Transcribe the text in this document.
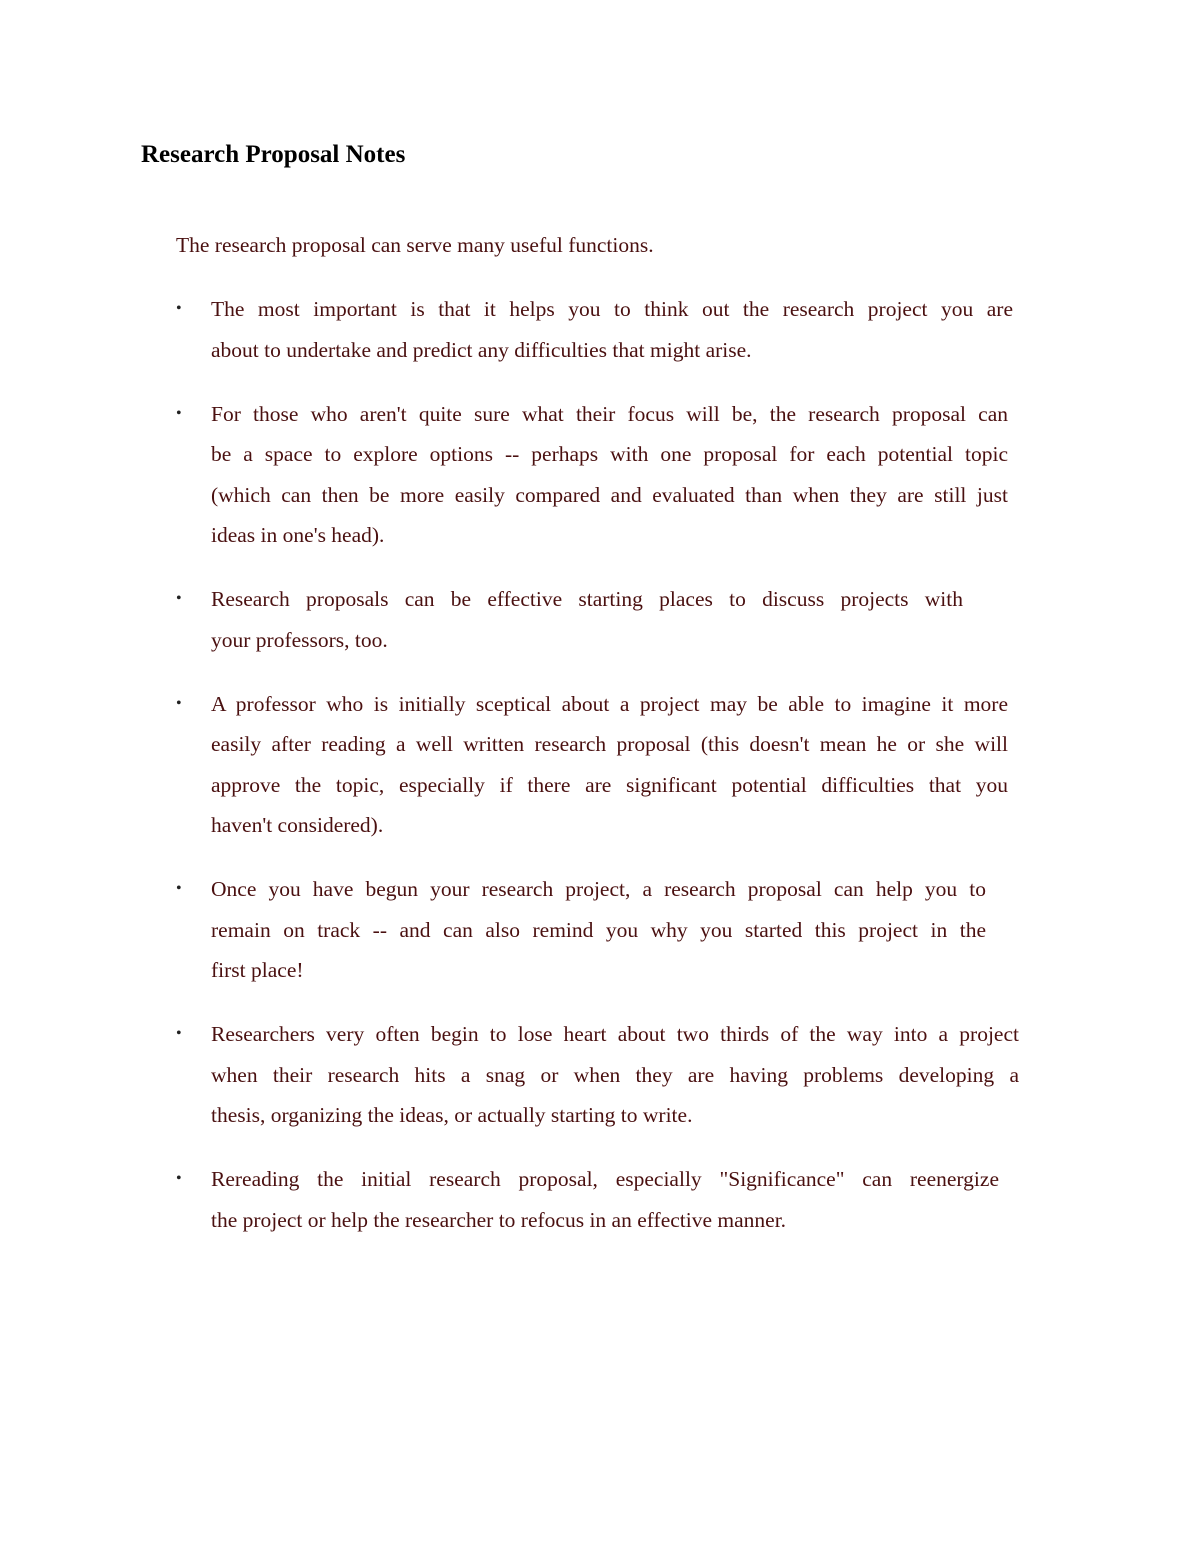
Research Proposal Notes
The research proposal can serve many useful functions.
• The most important is that it helps you to think out the research project you are
about to undertake and predict any difficulties that might arise.
• For those who aren't quite sure what their focus will be, the research proposal can
be a space to explore options -- perhaps with one proposal for each potential topic
(which can then be more easily compared and evaluated than when they are still just
ideas in one's head).
• Research proposals can be effective starting places to discuss projects with
your professors, too.
• A professor who is initially sceptical about a project may be able to imagine it more
easily after reading a well written research proposal (this doesn't mean he or she will
approve the topic, especially if there are significant potential difficulties that you
haven't considered).
• Once you have begun your research project, a research proposal can help you to
remain on track -- and can also remind you why you started this project in the
first place!
• Researchers very often begin to lose heart about two thirds of the way into a project
when their research hits a snag or when they are having problems developing a
thesis, organizing the ideas, or actually starting to write.
• Rereading the initial research proposal, especially "Significance" can reenergize
the project or help the researcher to refocus in an effective manner.
